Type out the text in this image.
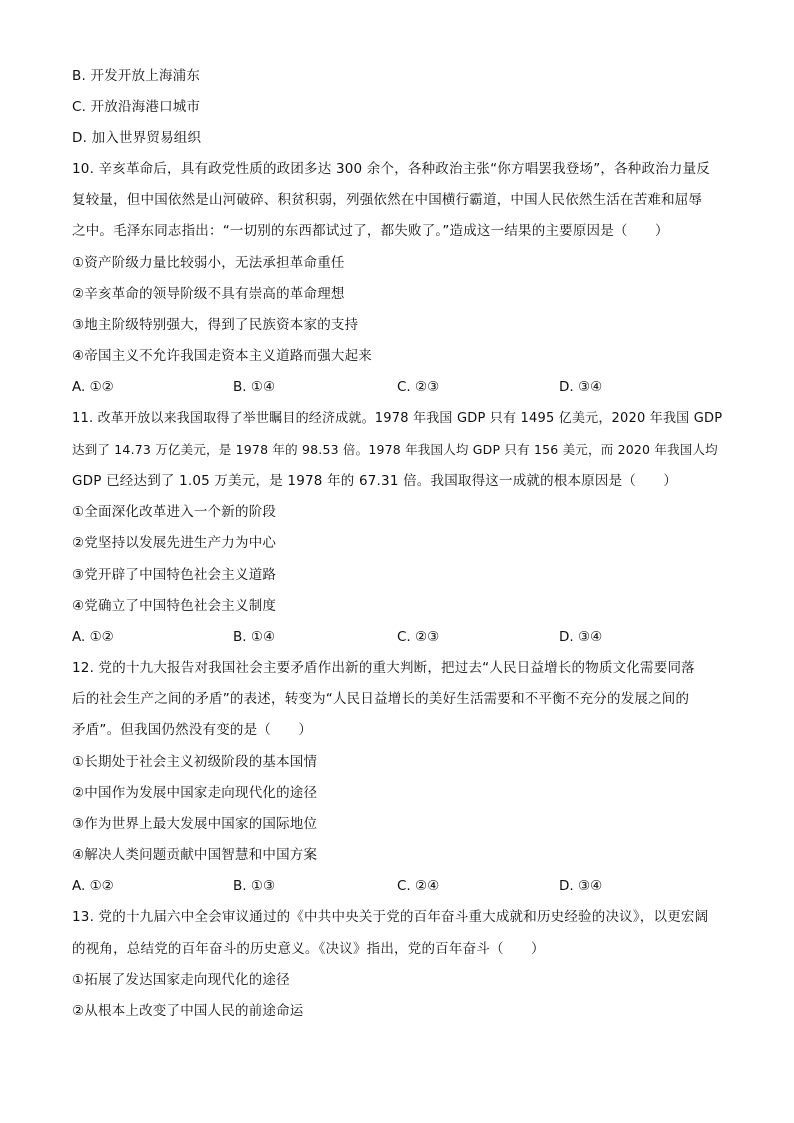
B. 开发开放上海浦东
C. 开放沿海港口城市
D. 加入世界贸易组织
10. 辛亥革命后，具有政党性质的政团多达 300 余个，各种政治主张“你方唱罢我登场”，各种政治力量反
复较量，但中国依然是山河破碎、积贫积弱，列强依然在中国横行霸道，中国人民依然生活在苦难和屈辱
之中。毛泽东同志指出：“一切别的东西都试过了，都失败了。”造成这一结果的主要原因是（　　）
①资产阶级力量比较弱小，无法承担革命重任
②辛亥革命的领导阶级不具有崇高的革命理想
③地主阶级特别强大，得到了民族资本家的支持
④帝国主义不允许我国走资本主义道路而强大起来
A. ①②	B. ①④	C. ②③	D. ③④
11. 改革开放以来我国取得了举世瞩目的经济成就。1978 年我国 GDP 只有 1495 亿美元，2020 年我国 GDP
达到了 14.73 万亿美元，是 1978 年的 98.53 倍。1978 年我国人均 GDP 只有 156 美元，而 2020 年我国人均
GDP 已经达到了 1.05 万美元，是 1978 年的 67.31 倍。我国取得这一成就的根本原因是（　　）
①全面深化改革进入一个新的阶段
②党坚持以发展先进生产力为中心
③党开辟了中国特色社会主义道路
④党确立了中国特色社会主义制度
A. ①②	B. ①④	C. ②③	D. ③④
12. 党的十九大报告对我国社会主要矛盾作出新的重大判断，把过去“人民日益增长的物质文化需要同落
后的社会生产之间的矛盾”的表述，转变为“人民日益增长的美好生活需要和不平衡不充分的发展之间的
矛盾”。但我国仍然没有变的是（　　）
①长期处于社会主义初级阶段的基本国情
②中国作为发展中国家走向现代化的途径
③作为世界上最大发展中国家的国际地位
④解决人类问题贡献中国智慧和中国方案
A. ①②	B. ①③	C. ②④	D. ③④
13. 党的十九届六中全会审议通过的《中共中央关于党的百年奋斗重大成就和历史经验的决议》，以更宏阔
的视角，总结党的百年奋斗的历史意义。《决议》指出，党的百年奋斗（　　）
①拓展了发达国家走向现代化的途径
②从根本上改变了中国人民的前途命运
